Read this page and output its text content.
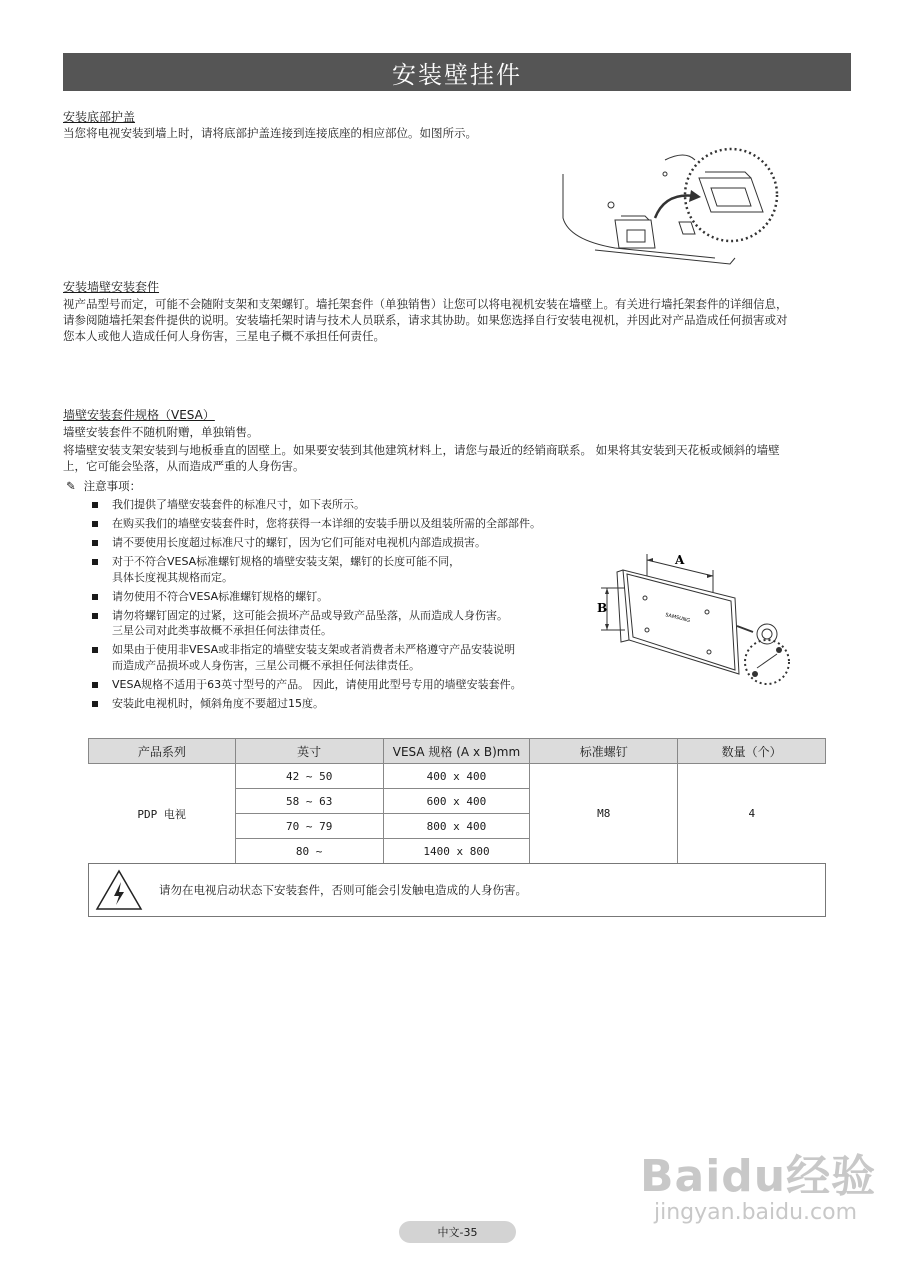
安装壁挂件
安装底部护盖
当您将电视安装到墙上时，请将底部护盖连接到连接底座的相应部位。如图所示。
安装墙壁安装套件
视产品型号而定，可能不会随附支架和支架螺钉。墙托架套件（单独销售）让您可以将电视机安装在墙壁上。有关进行墙托架套件的详细信息，
请参阅随墙托架套件提供的说明。安装墙托架时请与技术人员联系，请求其协助。如果您选择自行安装电视机，并因此对产品造成任何损害或对
您本人或他人造成任何人身伤害，三星电子概不承担任何责任。
墙壁安装套件规格（VESA）
墙壁安装套件不随机附赠，单独销售。
将墙壁安装支架安装到与地板垂直的固壁上。如果要安装到其他建筑材料上，请您与最近的经销商联系。 如果将其安装到天花板或倾斜的墙壁
上，它可能会坠落，从而造成严重的人身伤害。
✎ 注意事项：
我们提供了墙壁安装套件的标准尺寸，如下表所示。
在购买我们的墙壁安装套件时，您将获得一本详细的安装手册以及组装所需的全部部件。
请不要使用长度超过标准尺寸的螺钉，因为它们可能对电视机内部造成损害。
对于不符合VESA标准螺钉规格的墙壁安装支架，螺钉的长度可能不同，
具体长度视其规格而定。
请勿使用不符合VESA标准螺钉规格的螺钉。
请勿将螺钉固定的过紧，这可能会损坏产品或导致产品坠落，从而造成人身伤害。
三星公司对此类事故概不承担任何法律责任。
如果由于使用非VESA或非指定的墙壁安装支架或者消费者未严格遵守产品安装说明
而造成产品损坏或人身伤害，三星公司概不承担任何法律责任。
VESA规格不适用于63英寸型号的产品。 因此，请使用此型号专用的墙壁安装套件。
安装此电视机时，倾斜角度不要超过15度。
A
B
SAMSUNG
产品系列	英寸	VESA 规格 (A x B)mm	标准螺钉	数量（个）
PDP 电视	42 ~ 50	400 x 400	M8	4
	58 ~ 63	600 x 400		
	70 ~ 79	800 x 400		
	80 ~	1400 x 800		
请勿在电视启动状态下安装套件，否则可能会引发触电造成的人身伤害。
中文-35
Baidu经验
jingyan.baidu.com
